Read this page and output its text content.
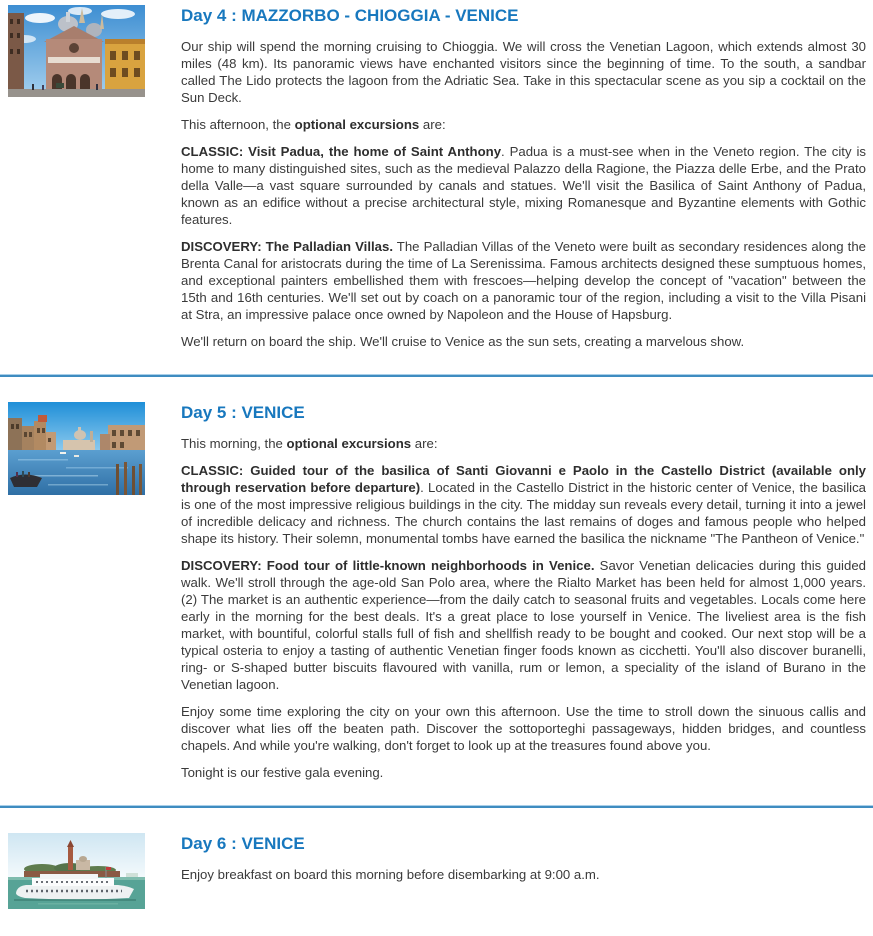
Day 4 : MAZZORBO - CHIOGGIA - VENICE

Our ship will spend the morning cruising to Chioggia. We will cross the Venetian Lagoon, which extends almost 30 miles (48 km). Its panoramic views have enchanted visitors since the beginning of time. To the south, a sandbar called The Lido protects the lagoon from the Adriatic Sea. Take in this spectacular scene as you sip a cocktail on the Sun Deck.

This afternoon, the optional excursions are:

CLASSIC: Visit Padua, the home of Saint Anthony. Padua is a must-see when in the Veneto region. The city is home to many distinguished sites, such as the medieval Palazzo della Ragione, the Piazza delle Erbe, and the Prato della Valle—a vast square surrounded by canals and statues. We'll visit the Basilica of Saint Anthony of Padua, known as an edifice without a precise architectural style, mixing Romanesque and Byzantine elements with Gothic features.

DISCOVERY: The Palladian Villas. The Palladian Villas of the Veneto were built as secondary residences along the Brenta Canal for aristocrats during the time of La Serenissima. Famous architects designed these sumptuous homes, and exceptional painters embellished them with frescoes—helping develop the concept of "vacation" between the 15th and 16th centuries. We'll set out by coach on a panoramic tour of the region, including a visit to the Villa Pisani at Stra, an impressive palace once owned by Napoleon and the House of Hapsburg.

We'll return on board the ship. We'll cruise to Venice as the sun sets, creating a marvelous show.

Day 5 : VENICE

This morning, the optional excursions are:

CLASSIC: Guided tour of the basilica of Santi Giovanni e Paolo in the Castello District (available only through reservation before departure). Located in the Castello District in the historic center of Venice, the basilica is one of the most impressive religious buildings in the city. The midday sun reveals every detail, turning it into a jewel of incredible delicacy and richness. The church contains the last remains of doges and famous people who helped shape its history. Their solemn, monumental tombs have earned the basilica the nickname "The Pantheon of Venice."

DISCOVERY: Food tour of little-known neighborhoods in Venice. Savor Venetian delicacies during this guided walk. We'll stroll through the age-old San Polo area, where the Rialto Market has been held for almost 1,000 years.(2) The market is an authentic experience—from the daily catch to seasonal fruits and vegetables. Locals come here early in the morning for the best deals. It's a great place to lose yourself in Venice. The liveliest area is the fish market, with bountiful, colorful stalls full of fish and shellfish ready to be bought and cooked. Our next stop will be a typical osteria to enjoy a tasting of authentic Venetian finger foods known as cicchetti. You'll also discover buranelli, ring- or S-shaped butter biscuits flavoured with vanilla, rum or lemon, a speciality of the island of Burano in the Venetian lagoon.

Enjoy some time exploring the city on your own this afternoon. Use the time to stroll down the sinuous callis and discover what lies off the beaten path. Discover the sottoporteghi passageways, hidden bridges, and countless chapels. And while you're walking, don't forget to look up at the treasures found above you.

Tonight is our festive gala evening.

Day 6 : VENICE

Enjoy breakfast on board this morning before disembarking at 9:00 a.m.
